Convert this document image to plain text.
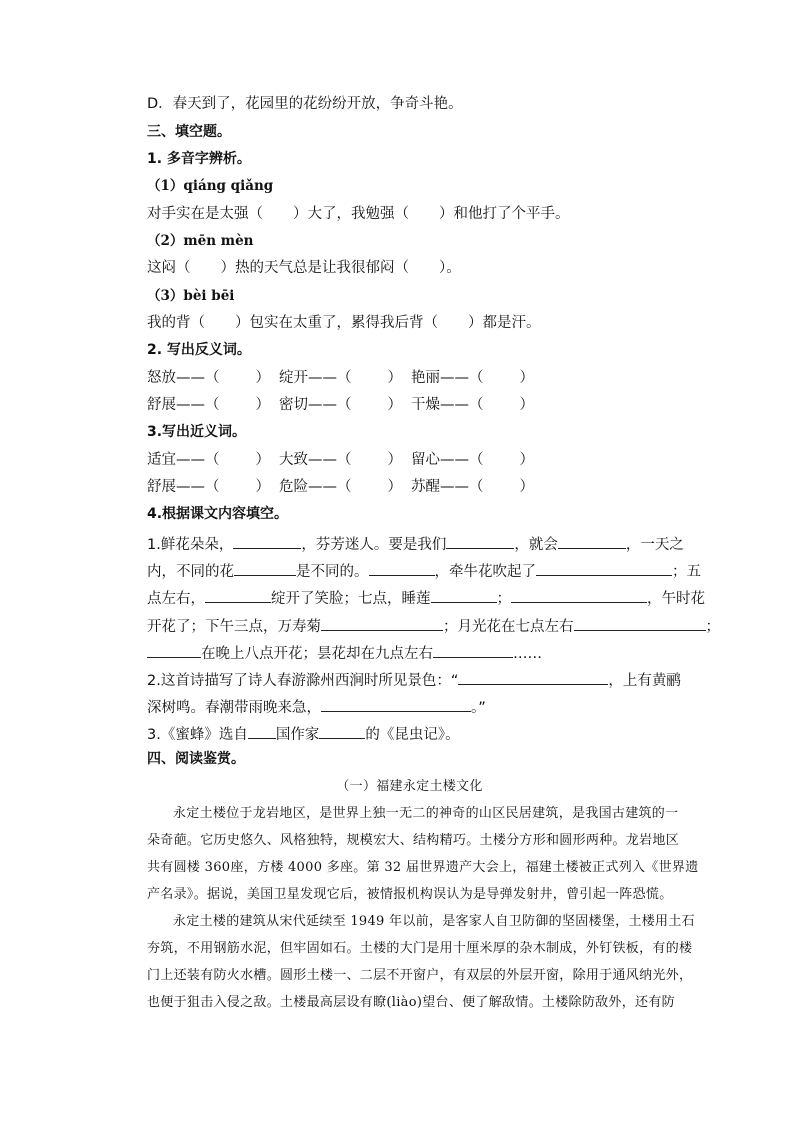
D．春天到了，花园里的花纷纷开放，争奇斗艳。
三、填空题。
1. 多音字辨析。
（1）qiáng qiǎng
对手实在是太强（ ）大了，我勉强（ ）和他打了个平手。
（2）mēn mèn
这闷（ ）热的天气总是让我很郁闷（ ）。
（3）bèi bēi
我的背（ ）包实在太重了，累得我后背（ ）都是汗。
2. 写出反义词。
怒放——（ ） 绽开——（ ） 艳丽——（ ）
舒展——（ ） 密切——（ ） 干燥——（ ）
3.写出近义词。
适宜——（ ） 大致——（ ） 留心——（ ）
舒展——（ ） 危险——（ ） 苏醒——（ ）
4.根据课文内容填空。
1.鲜花朵朵，	，芬芳迷人。要是我们	，就会	，一天之
内，不同的花	是不同的。	，牵牛花吹起了	；五
点左右，	绽开了笑脸；七点，睡莲	；	，午时花
开花了；下午三点，万寿菊	；月光花在七点左右	；
在晚上八点开花；昙花却在九点左右	……
2.这首诗描写了诗人春游滁州西涧时所见景色：“	，上有黄鹂
深树鸣。春潮带雨晚来急，	。”
3.《蜜蜂》选自 国作家	的《昆虫记》。
四、阅读鉴赏。
（一）福建永定土楼文化
永定土楼位于龙岩地区，是世界上独一无二的神奇的山区民居建筑，是我国古建筑的一
朵奇葩。它历史悠久、风格独特，规模宏大、结构精巧。土楼分方形和圆形两种。龙岩地区
共有圆楼 360座，方楼 4000 多座。第 32 届世界遗产大会上，福建土楼被正式列入《世界遗
产名录》。据说，美国卫星发现它后，被情报机构误认为是导弹发射井，曾引起一阵恐慌。
永定土楼的建筑从宋代延续至 1949 年以前，是客家人自卫防御的坚固楼堡，土楼用土石
夯筑，不用钢筋水泥，但牢固如石。土楼的大门是用十厘米厚的杂木制成，外钉铁板，有的楼
门上还装有防火水槽。圆形土楼一、二层不开窗户，有双层的外层开窗，除用于通风纳光外，
也便于狙击入侵之敌。土楼最高层设有瞭(liào)望台、便了解敌情。土楼除防敌外，还有防
